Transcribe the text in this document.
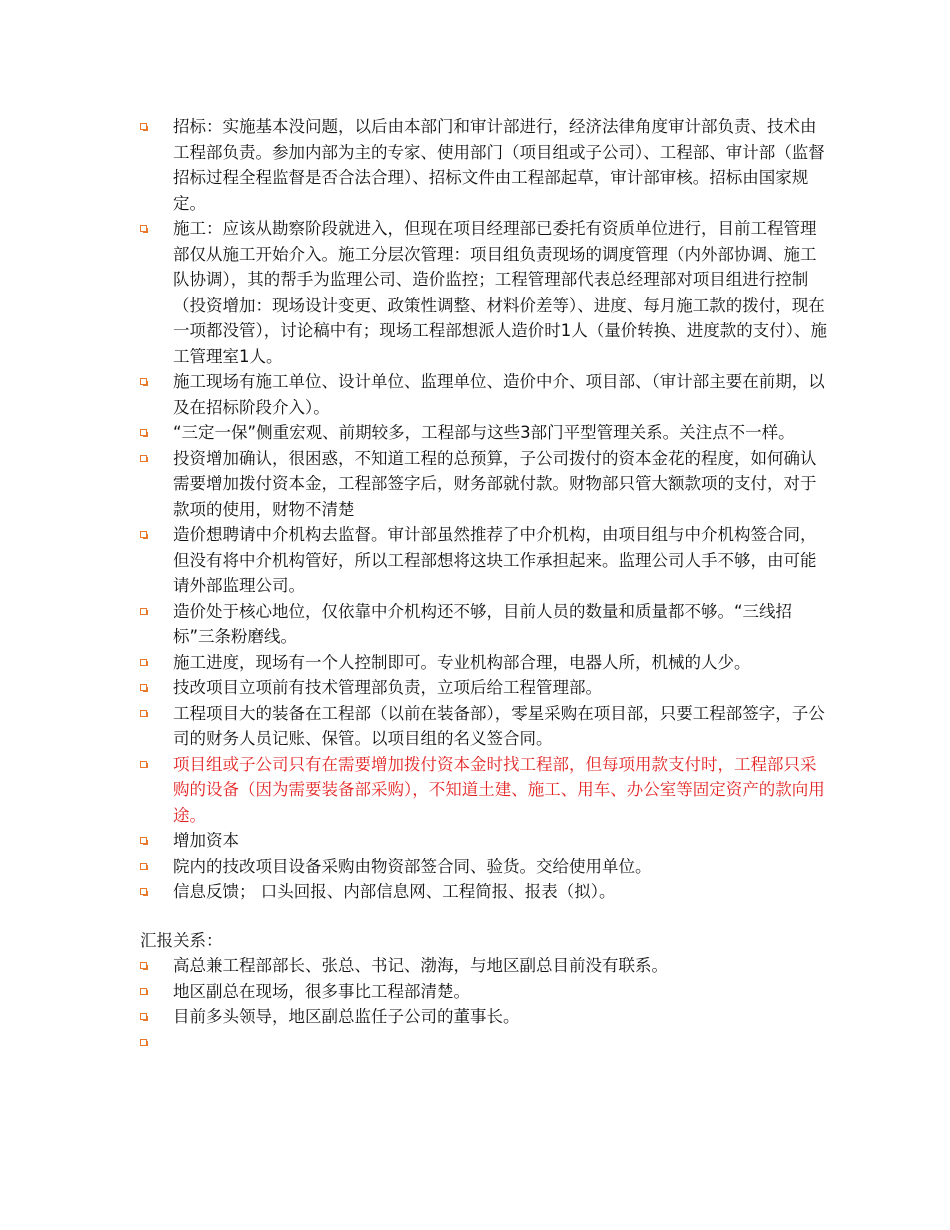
招标：实施基本没问题，以后由本部门和审计部进行，经济法律角度审计部负责、技术由工程部负责。参加内部为主的专家、使用部门（项目组或子公司）、工程部、审计部（监督招标过程全程监督是否合法合理）、招标文件由工程部起草，审计部审核。招标由国家规定。
施工：应该从勘察阶段就进入，但现在项目经理部已委托有资质单位进行，目前工程管理部仅从施工开始介入。施工分层次管理：项目组负责现场的调度管理（内外部协调、施工队协调），其的帮手为监理公司、造价监控；工程管理部代表总经理部对项目组进行控制（投资增加：现场设计变更、政策性调整、材料价差等）、进度、每月施工款的拨付，现在一项都没管），讨论稿中有；现场工程部想派人造价时1人（量价转换、进度款的支付）、施工管理室1人。
施工现场有施工单位、设计单位、监理单位、造价中介、项目部、（审计部主要在前期，以及在招标阶段介入）。
“三定一保”侧重宏观、前期较多，工程部与这些3部门平型管理关系。关注点不一样。
投资增加确认，很困惑，不知道工程的总预算，子公司拨付的资本金花的程度，如何确认需要增加拨付资本金，工程部签字后，财务部就付款。财物部只管大额款项的支付，对于款项的使用，财物不清楚
造价想聘请中介机构去监督。审计部虽然推荐了中介机构，由项目组与中介机构签合同，但没有将中介机构管好，所以工程部想将这块工作承担起来。监理公司人手不够，由可能请外部监理公司。
造价处于核心地位，仅依靠中介机构还不够，目前人员的数量和质量都不够。“三线招标”三条粉磨线。
施工进度，现场有一个人控制即可。专业机构部合理，电器人所，机械的人少。
技改项目立项前有技术管理部负责，立项后给工程管理部。
工程项目大的装备在工程部（以前在装备部），零星采购在项目部，只要工程部签字，子公司的财务人员记账、保管。以项目组的名义签合同。
项目组或子公司只有在需要增加拨付资本金时找工程部，但每项用款支付时，工程部只采购的设备（因为需要装备部采购），不知道土建、施工、用车、办公室等固定资产的款向用途。
增加资本
院内的技改项目设备采购由物资部签合同、验货。交给使用单位。
信息反馈； 口头回报、内部信息网、工程简报、报表（拟）。
汇报关系：
高总兼工程部部长、张总、书记、渤海，与地区副总目前没有联系。
地区副总在现场，很多事比工程部清楚。
目前多头领导，地区副总监任子公司的董事长。
